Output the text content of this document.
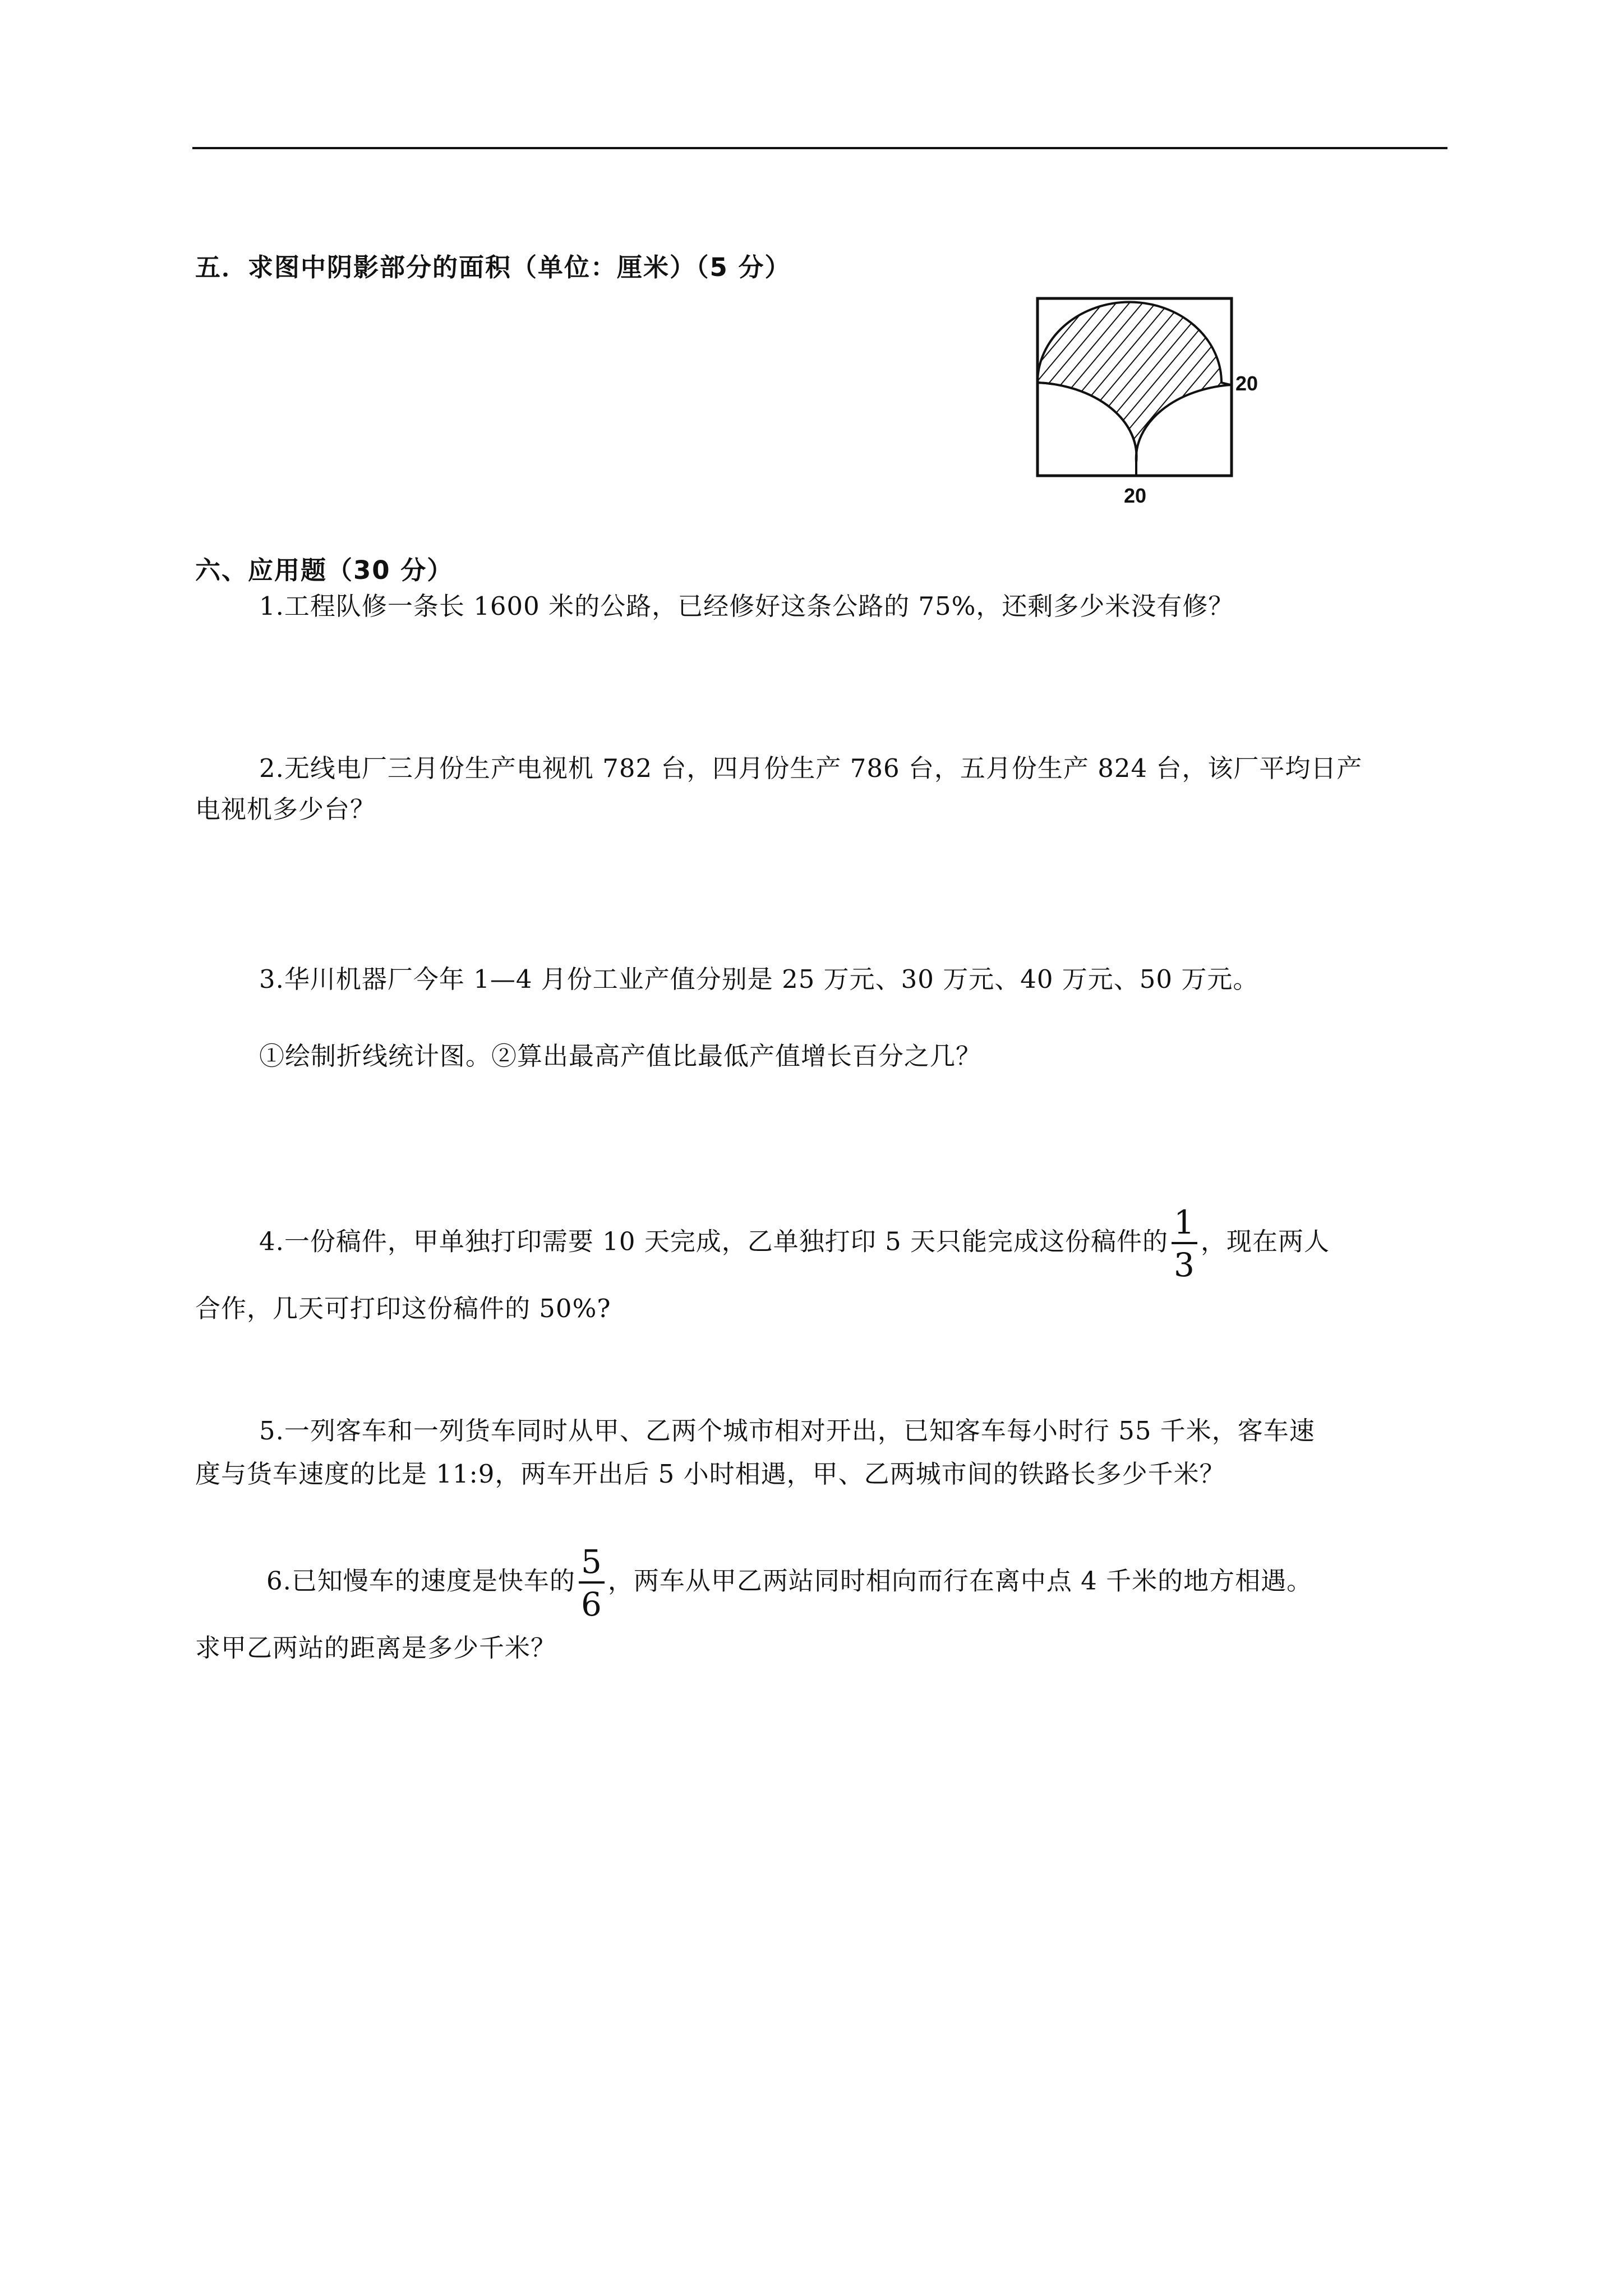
五．求图中阴影部分的面积（单位：厘米）（5 分）
20
20
六、应用题（30 分）
1.工程队修一条长 1600 米的公路，已经修好这条公路的 75%，还剩多少米没有修？
2.无线电厂三月份生产电视机 782 台，四月份生产 786 台，五月份生产 824 台，该厂平均日产
电视机多少台？
3.华川机器厂今年 1—4 月份工业产值分别是 25 万元、30 万元、40 万元、50 万元。
①绘制折线统计图。②算出最高产值比最低产值增长百分之几？
4.一份稿件，甲单独打印需要 10 天完成，乙单独打印 5 天只能完成这份稿件的 $\frac{1}{3}$ ，现在两人
合作，几天可打印这份稿件的 50%?
5.一列客车和一列货车同时从甲、乙两个城市相对开出，已知客车每小时行 55 千米，客车速
度与货车速度的比是 11:9，两车开出后 5 小时相遇，甲、乙两城市间的铁路长多少千米？
6.已知慢车的速度是快车的 $\frac{5}{6}$ ，两车从甲乙两站同时相向而行在离中点 4 千米的地方相遇。
求甲乙两站的距离是多少千米？
